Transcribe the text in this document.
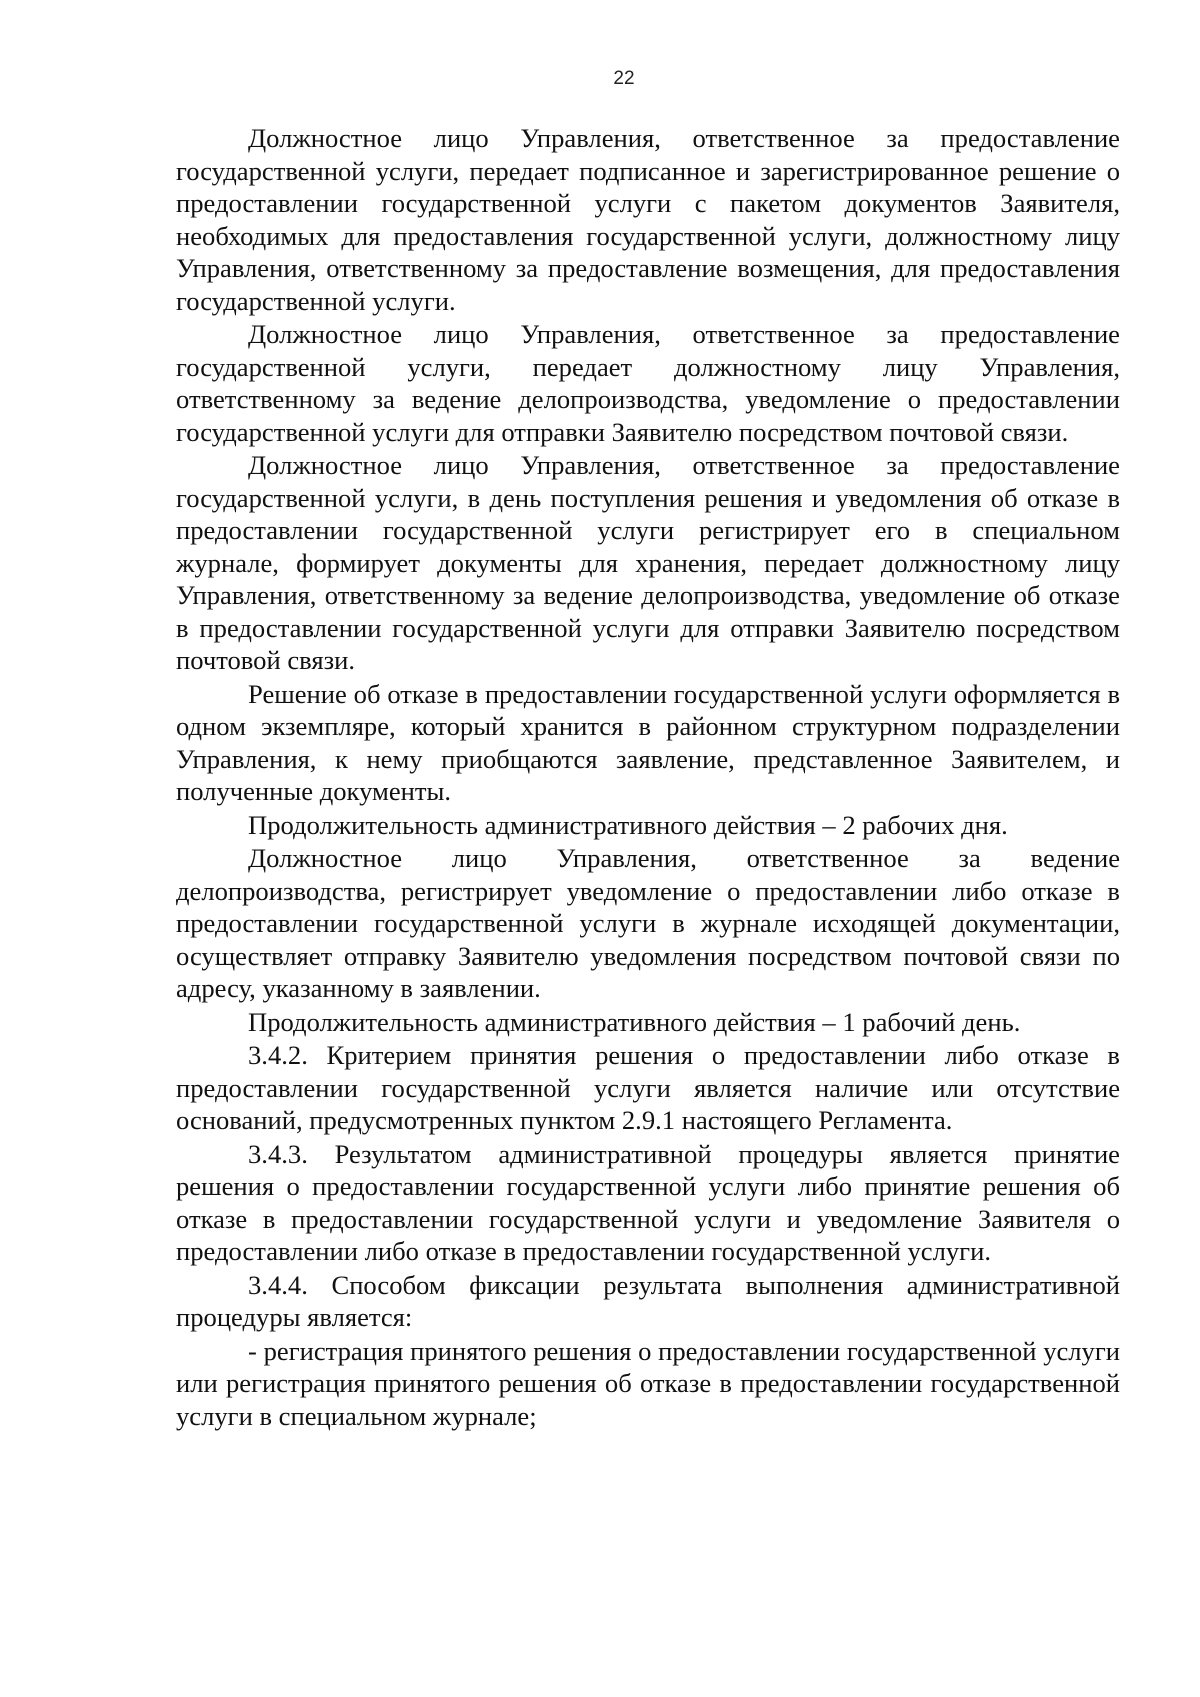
22

Должностное лицо Управления, ответственное за предоставление государственной услуги, передает подписанное и зарегистрированное решение о предоставлении государственной услуги с пакетом документов Заявителя, необходимых для предоставления государственной услуги, должностному лицу Управления, ответственному за предоставление возмещения, для предоставления государственной услуги.

Должностное лицо Управления, ответственное за предоставление государственной услуги, передает должностному лицу Управления, ответственному за ведение делопроизводства, уведомление о предоставлении государственной услуги для отправки Заявителю посредством почтовой связи.

Должностное лицо Управления, ответственное за предоставление государственной услуги, в день поступления решения и уведомления об отказе в предоставлении государственной услуги регистрирует его в специальном журнале, формирует документы для хранения, передает должностному лицу Управления, ответственному за ведение делопроизводства, уведомление об отказе в предоставлении государственной услуги для отправки Заявителю посредством почтовой связи.

Решение об отказе в предоставлении государственной услуги оформляется в одном экземпляре, который хранится в районном структурном подразделении Управления, к нему приобщаются заявление, представленное Заявителем, и полученные документы.

Продолжительность административного действия – 2 рабочих дня.

Должностное лицо Управления, ответственное за ведение делопроизводства, регистрирует уведомление о предоставлении либо отказе в предоставлении государственной услуги в журнале исходящей документации, осуществляет отправку Заявителю уведомления посредством почтовой связи по адресу, указанному в заявлении.

Продолжительность административного действия – 1 рабочий день.

3.4.2. Критерием принятия решения о предоставлении либо отказе в предоставлении государственной услуги является наличие или отсутствие оснований, предусмотренных пунктом 2.9.1 настоящего Регламента.

3.4.3. Результатом административной процедуры является принятие решения о предоставлении государственной услуги либо принятие решения об отказе в предоставлении государственной услуги и уведомление Заявителя о предоставлении либо отказе в предоставлении государственной услуги.

3.4.4. Способом фиксации результата выполнения административной процедуры является:

- регистрация принятого решения о предоставлении государственной услуги или регистрация принятого решения об отказе в предоставлении государственной услуги в специальном журнале;
